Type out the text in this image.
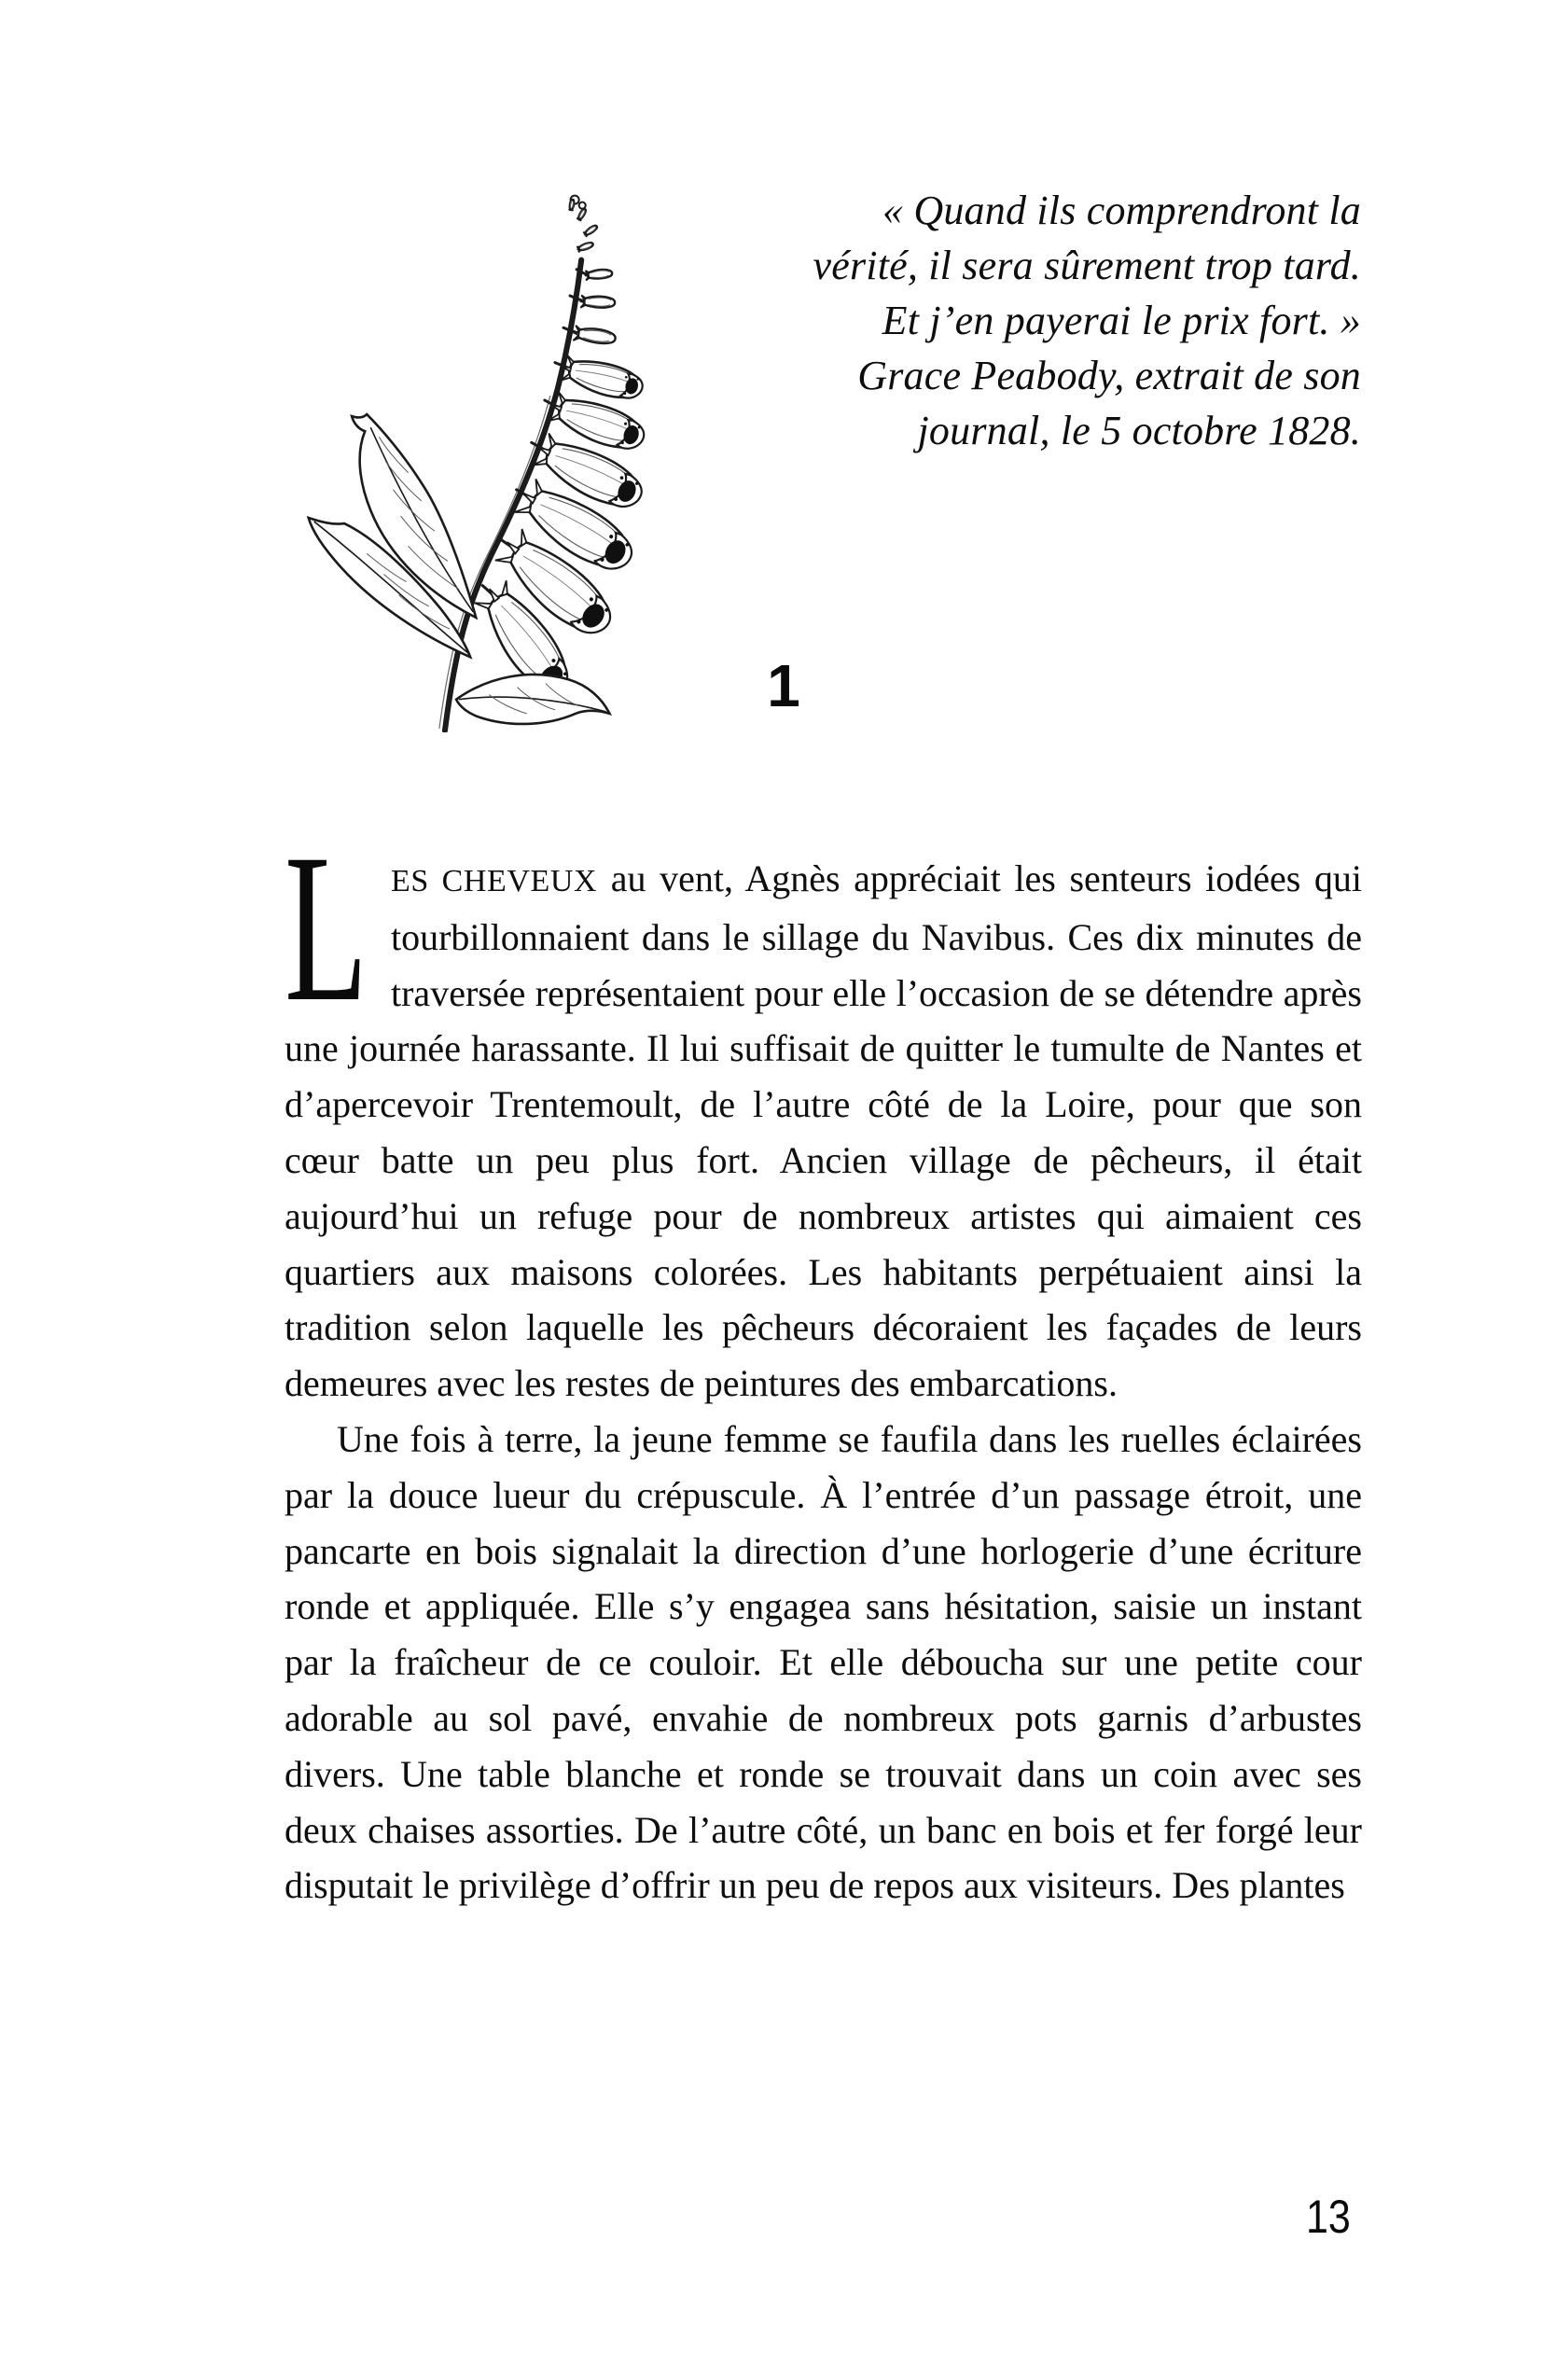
« Quand ils comprendront la
vérité, il sera sûrement trop tard.
Et j’en payerai le prix fort. »
Grace Peabody, extrait de son
journal, le 5 octobre 1828.
1

LES CHEVEUX au vent, Agnès appréciait les senteurs iodées qui tourbillonnaient dans le sillage du Navibus. Ces dix minutes de traversée représentaient pour elle l’occasion de se détendre après une journée harassante. Il lui suffisait de quitter le tumulte de Nantes et d’apercevoir Trentemoult, de l’autre côté de la Loire, pour que son cœur batte un peu plus fort. Ancien village de pêcheurs, il était aujourd’hui un refuge pour de nombreux artistes qui aimaient ces quartiers aux maisons colorées. Les habitants perpétuaient ainsi la tradition selon laquelle les pêcheurs décoraient les façades de leurs demeures avec les restes de peintures des embarcations.

Une fois à terre, la jeune femme se faufila dans les ruelles éclairées par la douce lueur du crépuscule. À l’entrée d’un passage étroit, une pancarte en bois signalait la direction d’une horlogerie d’une écriture ronde et appliquée. Elle s’y engagea sans hésitation, saisie un instant par la fraîcheur de ce couloir. Et elle déboucha sur une petite cour adorable au sol pavé, envahie de nombreux pots garnis d’arbustes divers. Une table blanche et ronde se trouvait dans un coin avec ses deux chaises assorties. De l’autre côté, un banc en bois et fer forgé leur disputait le privilège d’offrir un peu de repos aux visiteurs. Des plantes

13
